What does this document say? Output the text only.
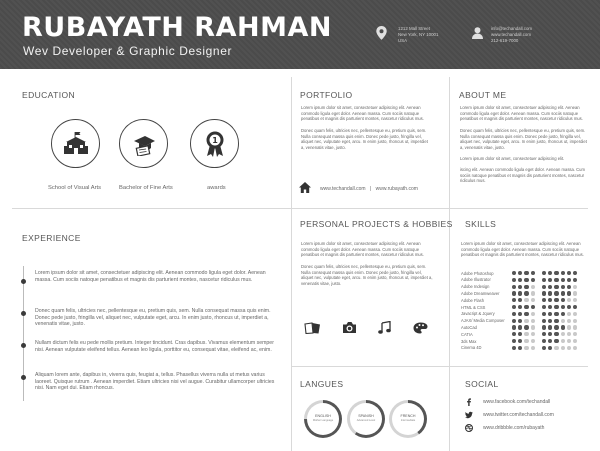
RUBAYATH RAHMAN
Wev Developer & Graphic Designer
1212 Mall Street
New York, NY 10001
USA
info@techandall.com
www.techandall.com
212-619-7000
EDUCATION
1
School of Visual Arts	Bachelor of Fine Arts	awards
PORTFOLIO
Lorem ipsum dolor sit amet, consectetuer adipiscing elit. Aenean commodo ligula eget dolor. Aenean massa. Cum sociis natoque penatibus et magnis dis parturient montes, nascetur ridiculus mus.
Donec quam felis, ultricies nec, pellentesque eu, pretium quis, sem. Nulla consequat massa quis enim. Donec pede justo, fringilla vel, aliquet nec, vulputate eget, arcu. In enim justo, rhoncus ut, imperdiet a, venenatis vitae, justo.
www.techandall.com | www.rubayath.com
ABOUT ME
Lorem ipsum dolor sit amet, consectetuer adipiscing elit. Aenean commodo ligula eget dolor. Aenean massa. Cum sociis natoque penatibus et magnis dis parturient montes, nascetur ridiculus mus.
Donec quam felis, ultricies nec, pellentesque eu, pretium quis, sem. Nulla consequat massa quis enim. Donec pede justo, fringilla vel, aliquet nec, vulputate eget, arcu. In enim justo, rhoncus ut, imperdiet a, venenatis vitae, justo.
Lorem ipsum dolor sit amet, consectetuer adipiscing elit.
iscing elit. Aenean commodo ligula eget dolor. Aenean massa. Cum sociis natoque penatibus et magnis dis parturient montes, nascetur ridiculus mus.
EXPERIENCE
Lorem ipsum dolor sit amet, consectetuer adipiscing elit. Aenean commodo ligula eget dolor. Aenean massa. Cum sociis natoque penatibus et magnis dis parturient montes, nascetur ridiculus mus.
Donec quam felis, ultricies nec, pellentesque eu, pretium quis, sem. Nulla consequat massa quis enim. Donec pede justo, fringilla vel, aliquet nec, vulputate eget, arcu. In enim justo, rhoncus ut, imperdiet a, venenatis vitae, justo.
Nullam dictum felis eu pede mollis pretium. Integer tincidunt. Cras dapibus. Vivamus elementum semper nisi. Aenean vulputate eleifend tellus. Aenean leo ligula, porttitor eu, consequat vitae, eleifend ac, enim.
Aliquam lorem ante, dapibus in, viverra quis, feugiat a, tellus. Phasellus viverra nulla ut metus varius laoreet. Quisque rutrum . Aenean imperdiet. Etiam ultricies nisi vel augue. Curabitur ullamcorper ultricies nisi. Nam eget dui. Etiam rhoncus.
PERSONAL PROJECTS & HOBBIES
Lorem ipsum dolor sit amet, consectetuer adipiscing elit. Aenean commodo ligula eget dolor. Aenean massa. Cum sociis natoque penatibus et magnis dis parturient montes, nascetur ridiculus mus.
Donec quam felis, ultricies nec, pellentesque eu, pretium quis, sem. Nulla consequat massa quis enim. Donec pede justo, fringilla vel, aliquet nec, vulputate eget, arcu. In enim justo, rhoncus ut, imperdiet a, venenatis vitae, justo.
SKILLS
Lorem ipsum dolor sit amet, consectetuer adipiscing elit. Aenean commodo ligula eget dolor. Aenean massa. Cum sociis natoque penatibus et magnis dis parturient montes, nascetur ridiculus mus.
Adobe Photoshop
Adobe Illustrator
Adobe Indesign
Adobe Dreamweaver
Adobe Flash
HTML & CSS
Javacript & Jquery
AJAX/ Media Composer
AutoCad
CATIA
3ds Max
Cinema 4D
LANGUES
ENGLISH
Mother Language
SPANISH
Advanced Level
FRENCH
Intermediate
SOCIAL
www.facebook.com/techandall
www.twitter.com/techandall.com
www.dribbble.com/rubayath
